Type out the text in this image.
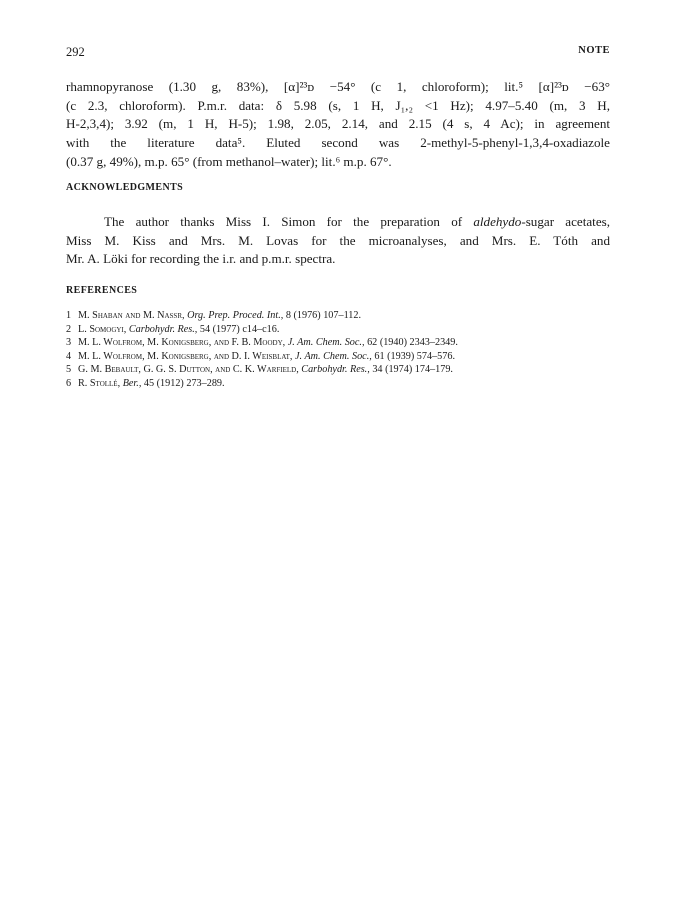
292	NOTE
rhamnopyranose (1.30 g, 83%), [α]²³ᴅ −54° (c 1, chloroform); lit.⁵ [α]²³ᴅ −63°
(c 2.3, chloroform). P.m.r. data: δ 5.98 (s, 1 H, J₁,₂ <1 Hz); 4.97–5.40 (m, 3 H,
H-2,3,4); 3.92 (m, 1 H, H-5); 1.98, 2.05, 2.14, and 2.15 (4 s, 4 Ac); in agreement
with the literature data⁵. Eluted second was 2-methyl-5-phenyl-1,3,4-oxadiazole
(0.37 g, 49%), m.p. 65° (from methanol–water); lit.⁶ m.p. 67°.
ACKNOWLEDGMENTS
The author thanks Miss I. Simon for the preparation of aldehydo-sugar acetates,
Miss M. Kiss and Mrs. M. Lovas for the microanalyses, and Mrs. E. Tóth and
Mr. A. Löki for recording the i.r. and p.m.r. spectra.
REFERENCES
1 M. Shaban and M. Nassr, Org. Prep. Proced. Int., 8 (1976) 107–112.
2 L. Somogyi, Carbohydr. Res., 54 (1977) c14–c16.
3 M. L. Wolfrom, M. Konigsberg, and F. B. Moody, J. Am. Chem. Soc., 62 (1940) 2343–2349.
4 M. L. Wolfrom, M. Konigsberg, and D. I. Weisblat, J. Am. Chem. Soc., 61 (1939) 574–576.
5 G. M. Bebault, G. G. S. Dutton, and C. K. Warfield, Carbohydr. Res., 34 (1974) 174–179.
6 R. Stollé, Ber., 45 (1912) 273–289.
